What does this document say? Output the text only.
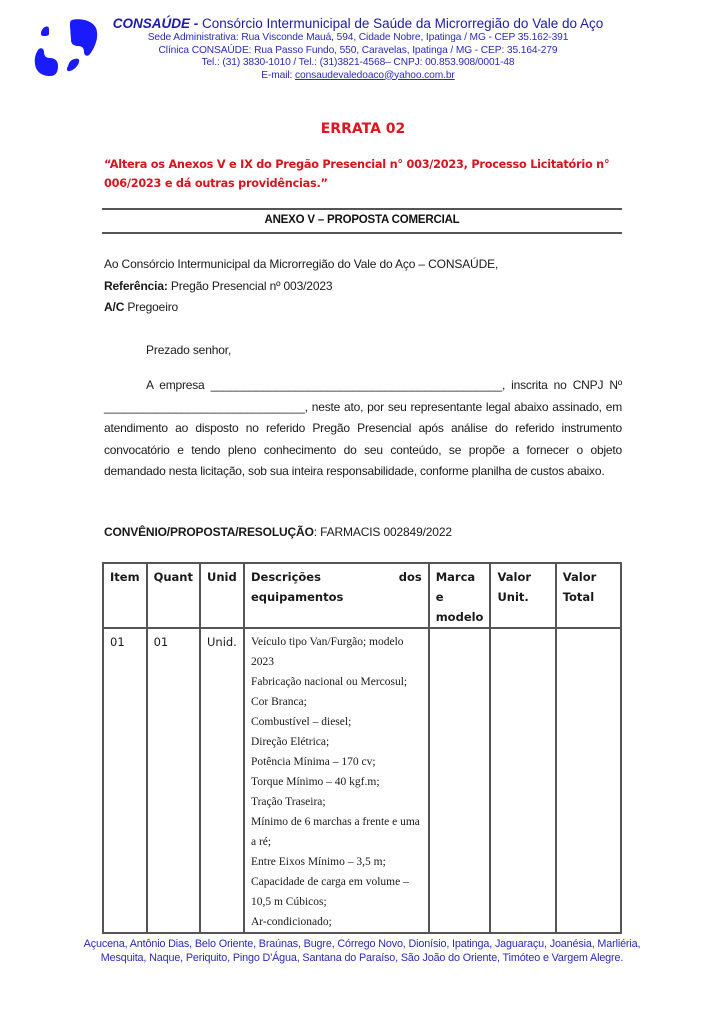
CONSAÚDE - Consórcio Intermunicipal de Saúde da Microrregião do Vale do Aço
Sede Administrativa: Rua Visconde Mauá, 594, Cidade Nobre, Ipatinga / MG - CEP 35.162-391
Clínica CONSAÚDE: Rua Passo Fundo, 550, Caravelas, Ipatinga / MG - CEP: 35.164-279
Tel.: (31) 3830-1010 / Tel.: (31)3821-4568– CNPJ: 00.853.908/0001-48
E-mail: consaudevaledoaco@yahoo.com.br
ERRATA 02
“Altera os Anexos V e IX do Pregão Presencial n° 003/2023, Processo Licitatório n° 006/2023 e dá outras providências.”
ANEXO V – PROPOSTA COMERCIAL
Ao Consórcio Intermunicipal da Microrregião do Vale do Aço – CONSAÚDE,
Referência: Pregão Presencial nº 003/2023
A/C Pregoeiro
Prezado senhor,
A empresa _____________________________________________, inscrita no CNPJ Nº _______________________________, neste ato, por seu representante legal abaixo assinado, em atendimento ao disposto no referido Pregão Presencial após análise do referido instrumento convocatório e tendo pleno conhecimento do seu conteúdo, se propõe a fornecer o objeto demandado nesta licitação, sob sua inteira responsabilidade, conforme planilha de custos abaixo.
CONVÊNIO/PROPOSTA/RESOLUÇÃO: FARMACIS 002849/2022
Item	Quant	Unid	Descrições dos
equipamentos	Marca e modelo	Valor Unit.	Valor Total
01	01	Unid.	Veículo tipo Van/Furgão; modelo 2023
Fabricação nacional ou Mercosul; Cor Branca;
Combustível – diesel;
Direção Elétrica;
Potência Mínima – 170 cv;
Torque Mínimo – 40 kgf.m;
Tração Traseira;
Mínimo de 6 marchas a frente e uma a ré;
Entre Eixos Mínimo – 3,5 m;
Capacidade de carga em volume – 10,5 m Cúbicos;
Ar-condicionado;

Açucena, Antônio Dias, Belo Oriente, Braúnas, Bugre, Córrego Novo, Dionísio, Ipatinga, Jaguaraçu, Joanésia, Marliéria,
Mesquita, Naque, Periquito, Pingo D'Água, Santana do Paraíso, São João do Oriente, Timóteo e Vargem Alegre.
